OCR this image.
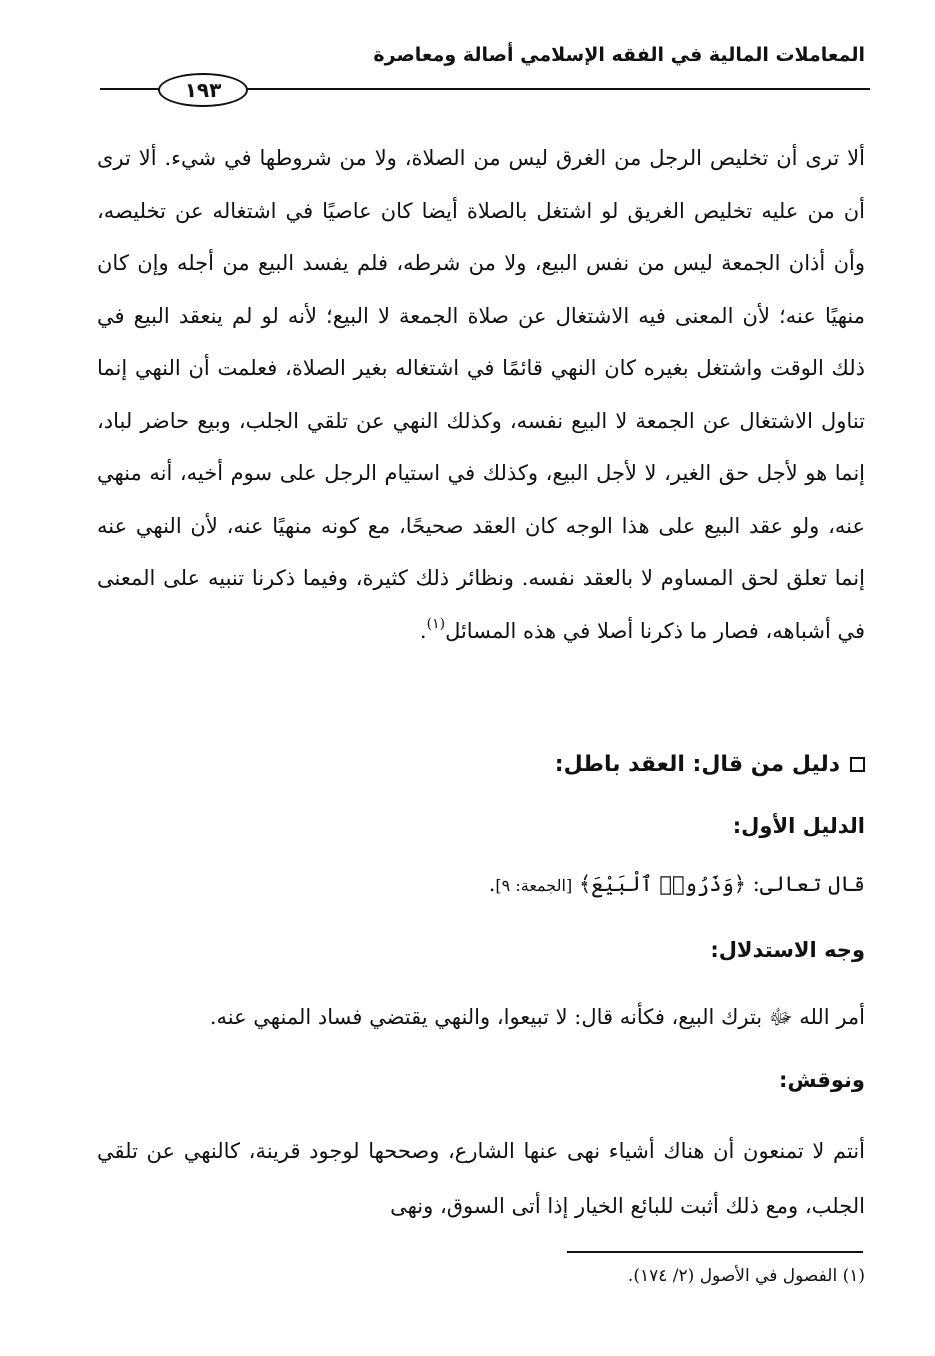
المعاملات المالية في الفقه الإسلامي أصالة ومعاصرة
١٩٣

ألا ترى أن تخليص الرجل من الغرق ليس من الصلاة، ولا من شروطها في شيء. ألا ترى أن من عليه تخليص الغريق لو اشتغل بالصلاة أيضا كان عاصيًا في اشتغاله عن تخليصه، وأن أذان الجمعة ليس من نفس البيع، ولا من شرطه، فلم يفسد البيع من أجله وإن كان منهيًا عنه؛ لأن المعنى فيه الاشتغال عن صلاة الجمعة لا البيع؛ لأنه لو لم ينعقد البيع في ذلك الوقت واشتغل بغيره كان النهي قائمًا في اشتغاله بغير الصلاة، فعلمت أن النهي إنما تناول الاشتغال عن الجمعة لا البيع نفسه، وكذلك النهي عن تلقي الجلب، وبيع حاضر لباد، إنما هو لأجل حق الغير، لا لأجل البيع، وكذلك في استيام الرجل على سوم أخيه، أنه منهي عنه، ولو عقد البيع على هذا الوجه كان العقد صحيحًا، مع كونه منهيًا عنه، لأن النهي عنه إنما تعلق لحق المساوم لا بالعقد نفسه. ونظائر ذلك كثيرة، وفيما ذكرنا تنبيه على المعنى في أشباهه، فصار ما ذكرنا أصلا في هذه المسائل$^{(١)}$.

دليل من قال: العقد باطل:
الدليل الأول:
قال تعالى: ﴿وَذَرُوا۟ ٱلْبَيْعَ﴾ [الجمعة: ٩].
وجه الاستدلال:
أمر الله ﷻ بترك البيع، فكأنه قال: لا تبيعوا، والنهي يقتضي فساد المنهي عنه.
ونوقش:

أنتم لا تمنعون أن هناك أشياء نهى عنها الشارع، وصححها لوجود قرينة، كالنهي عن تلقي الجلب، ومع ذلك أثبت للبائع الخيار إذا أتى السوق، ونهى

(١) الفصول في الأصول (٢/ ١٧٤).
